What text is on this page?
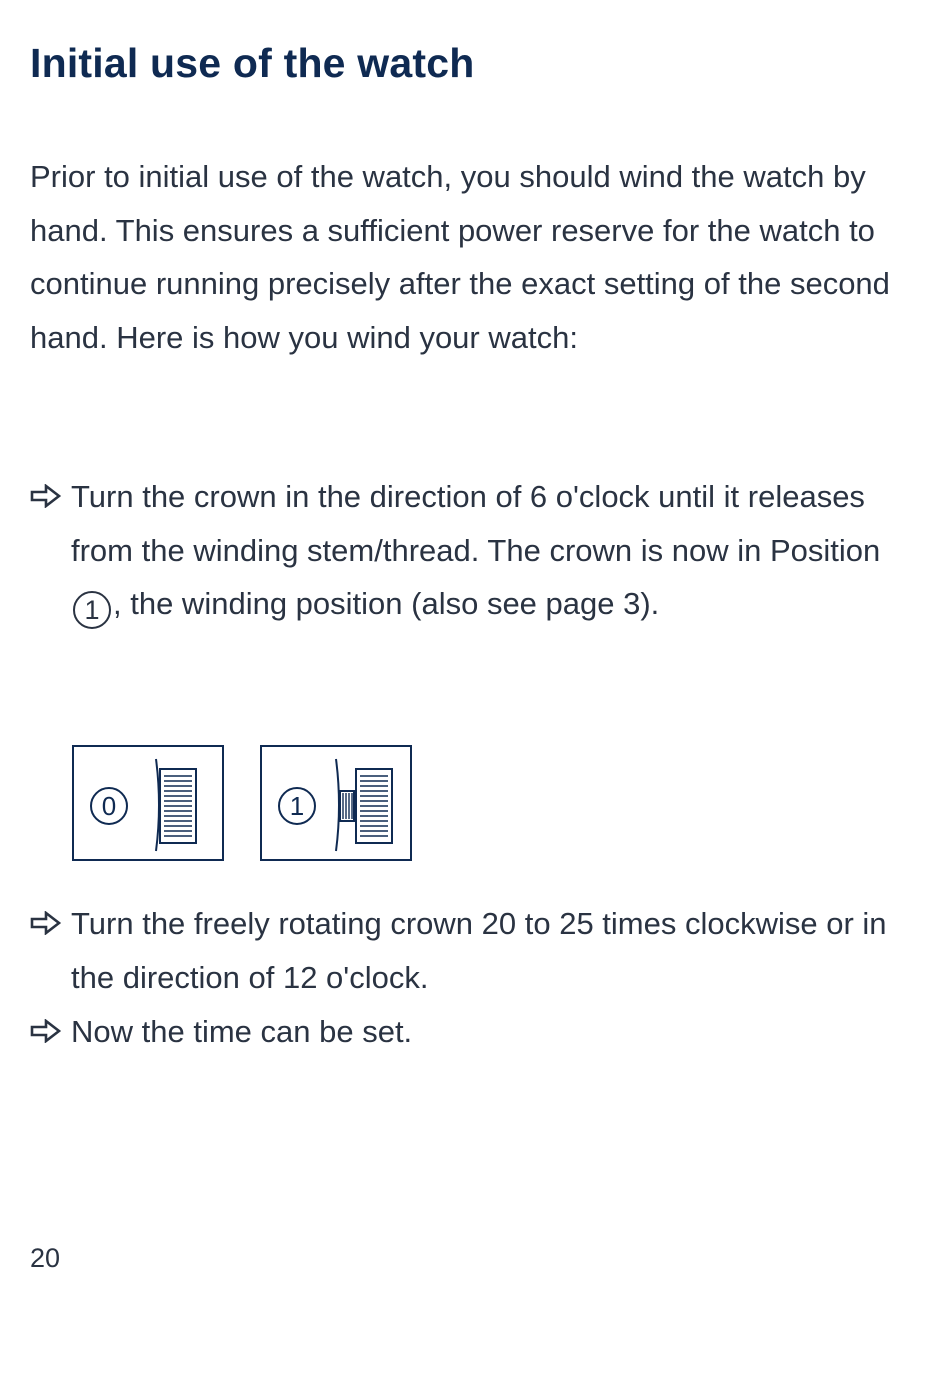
Initial use of the watch

Prior to initial use of the watch, you should wind the watch by hand. This ensures a sufficient power reserve for the watch to continue running precisely after the exact setting of the second hand. Here is how you wind your watch:

Turn the crown in the direction of 6 o'clock until it releases from the winding stem/thread. The crown is now in Position 1 , the winding position (also see page 3).
0	1
Turn the freely rotating crown 20 to 25 times clockwise or in the direction of 12 o'clock.
Now the time can be set.
20
